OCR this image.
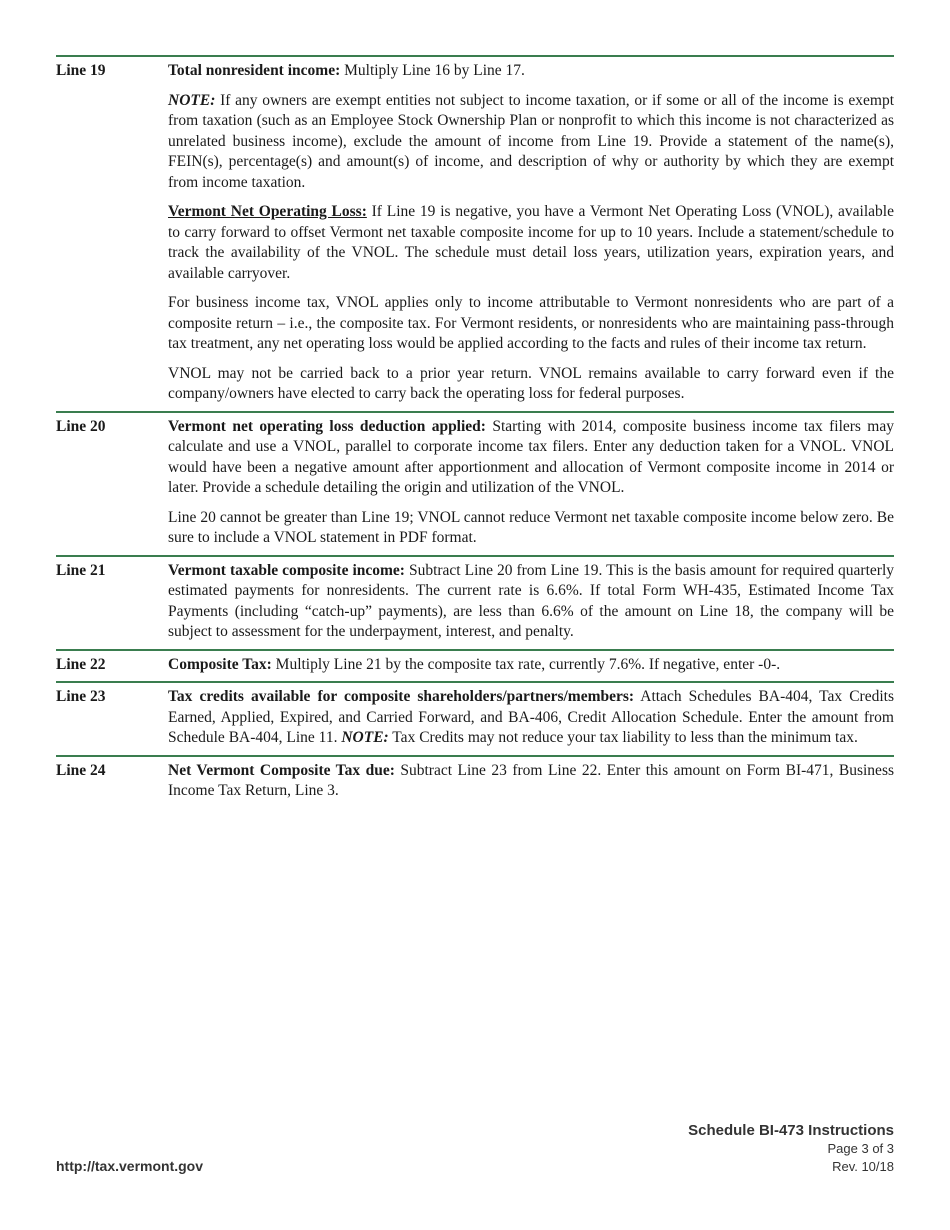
Line 19	Total nonresident income: Multiply Line 16 by Line 17.

NOTE: If any owners are exempt entities not subject to income taxation, or if some or all of the income is exempt from taxation (such as an Employee Stock Ownership Plan or nonprofit to which this income is not characterized as unrelated business income), exclude the amount of income from Line 19. Provide a statement of the name(s), FEIN(s), percentage(s) and amount(s) of income, and description of why or authority by which they are exempt from income taxation.

Vermont Net Operating Loss: If Line 19 is negative, you have a Vermont Net Operating Loss (VNOL), available to carry forward to offset Vermont net taxable composite income for up to 10 years. Include a statement/schedule to track the availability of the VNOL. The schedule must detail loss years, utilization years, expiration years, and available carryover.

For business income tax, VNOL applies only to income attributable to Vermont nonresidents who are part of a composite return – i.e., the composite tax. For Vermont residents, or nonresidents who are maintaining pass-through tax treatment, any net operating loss would be applied according to the facts and rules of their income tax return.

VNOL may not be carried back to a prior year return. VNOL remains available to carry forward even if the company/owners have elected to carry back the operating loss for federal purposes.

Line 20	Vermont net operating loss deduction applied: Starting with 2014, composite business income tax filers may calculate and use a VNOL, parallel to corporate income tax filers. Enter any deduction taken for a VNOL. VNOL would have been a negative amount after apportionment and allocation of Vermont composite income in 2014 or later. Provide a schedule detailing the origin and utilization of the VNOL.

Line 20 cannot be greater than Line 19; VNOL cannot reduce Vermont net taxable composite income below zero. Be sure to include a VNOL statement in PDF format.

Line 21	Vermont taxable composite income: Subtract Line 20 from Line 19. This is the basis amount for required quarterly estimated payments for nonresidents. The current rate is 6.6%. If total Form WH-435, Estimated Income Tax Payments (including “catch-up” payments), are less than 6.6% of the amount on Line 18, the company will be subject to assessment for the underpayment, interest, and penalty.

Line 22	Composite Tax: Multiply Line 21 by the composite tax rate, currently 7.6%. If negative, enter -0-.

Line 23	Tax credits available for composite shareholders/partners/members: Attach Schedules BA-404, Tax Credits Earned, Applied, Expired, and Carried Forward, and BA-406, Credit Allocation Schedule. Enter the amount from Schedule BA-404, Line 11. NOTE: Tax Credits may not reduce your tax liability to less than the minimum tax.

Line 24	Net Vermont Composite Tax due: Subtract Line 23 from Line 22. Enter this amount on Form BI-471, Business Income Tax Return, Line 3.

http://tax.vermont.gov
Schedule BI-473 Instructions
Page 3 of 3
Rev. 10/18
